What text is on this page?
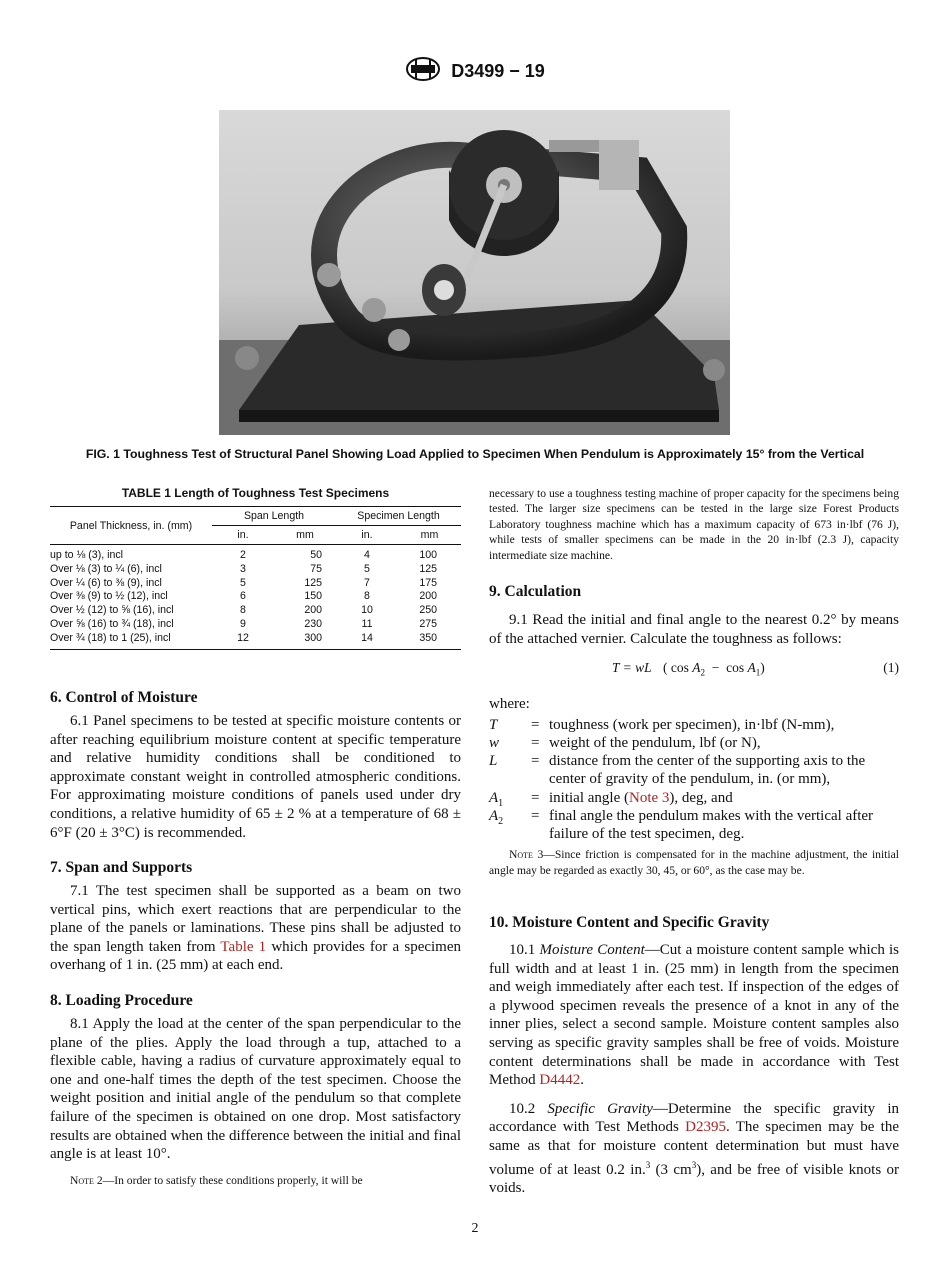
D3499 − 19
FIG. 1 Toughness Test of Structural Panel Showing Load Applied to Specimen When Pendulum is Approximately 15° from the Vertical
TABLE 1 Length of Toughness Test Specimens
Panel Thickness, in. (mm)	Span Length		Specimen Length	
	in.	mm	in.	mm
up to ⅛ (3), incl	2	50	4	100
Over ⅛ (3) to ¼ (6), incl	3	75	5	125
Over ¼ (6) to ⅜ (9), incl	5	125	7	175
Over ⅜ (9) to ½ (12), incl	6	150	8	200
Over ½ (12) to ⅝ (16), incl	8	200	10	250
Over ⅝ (16) to ¾ (18), incl	9	230	11	275
Over ¾ (18) to 1 (25), incl	12	300	14	350
6. Control of Moisture

6.1 Panel specimens to be tested at specific moisture contents or after reaching equilibrium moisture content at specific temperature and relative humidity conditions shall be conditioned to approximate constant weight in controlled atmospheric conditions. For approximating moisture conditions of panels used under dry conditions, a relative humidity of 65 ± 2 % at a temperature of 68 ± 6°F (20 ± 3°C) is recommended.

7. Span and Supports

7.1 The test specimen shall be supported as a beam on two vertical pins, which exert reactions that are perpendicular to the plane of the panels or laminations. These pins shall be adjusted to the span length taken from Table 1 which provides for a specimen overhang of 1 in. (25 mm) at each end.

8. Loading Procedure

8.1 Apply the load at the center of the span perpendicular to the plane of the plies. Apply the load through a tup, attached to a flexible cable, having a radius of curvature approximately equal to one and one-half times the depth of the test specimen. Choose the weight position and initial angle of the pendulum so that complete failure of the specimen is obtained on one drop. Most satisfactory results are obtained when the difference between the initial and final angle is at least 10°.

Note 2—In order to satisfy these conditions properly, it will be

necessary to use a toughness testing machine of proper capacity for the specimens being tested. The larger size specimens can be tested in the large size Forest Products Laboratory toughness machine which has a maximum capacity of 673 in·lbf (76 J), while tests of smaller specimens can be made in the 20 in·lbf (2.3 J), capacity intermediate size machine.

9. Calculation

9.1 Read the initial and final angle to the nearest 0.2° by means of the attached vernier. Calculate the toughness as follows:

T = wL ( $\cos A_2 - \cos A_1$)	(1)

where:

T = toughness (work per specimen), in·lbf (N-mm),
w = weight of the pendulum, lbf (or N),
L = distance from the center of the supporting axis to the center of gravity of the pendulum, in. (or mm),
$A_1$ = initial angle (Note 3), deg, and
$A_2$ = final angle the pendulum makes with the vertical after failure of the test specimen, deg.

Note 3—Since friction is compensated for in the machine adjustment, the initial angle may be regarded as exactly 30, 45, or 60°, as the case may be.

10. Moisture Content and Specific Gravity

10.1 Moisture Content—Cut a moisture content sample which is full width and at least 1 in. (25 mm) in length from the specimen and weigh immediately after each test. If inspection of the edges of a plywood specimen reveals the presence of a knot in any of the inner plies, select a second sample. Moisture content samples also serving as specific gravity samples shall be free of voids. Moisture content determinations shall be made in accordance with Test Method D4442.

10.2 Specific Gravity—Determine the specific gravity in accordance with Test Methods D2395. The specimen may be the same as that for moisture content determination but must have volume of at least 0.2 in.$^3$ (3 $cm^3$), and be free of visible knots or voids.

2
